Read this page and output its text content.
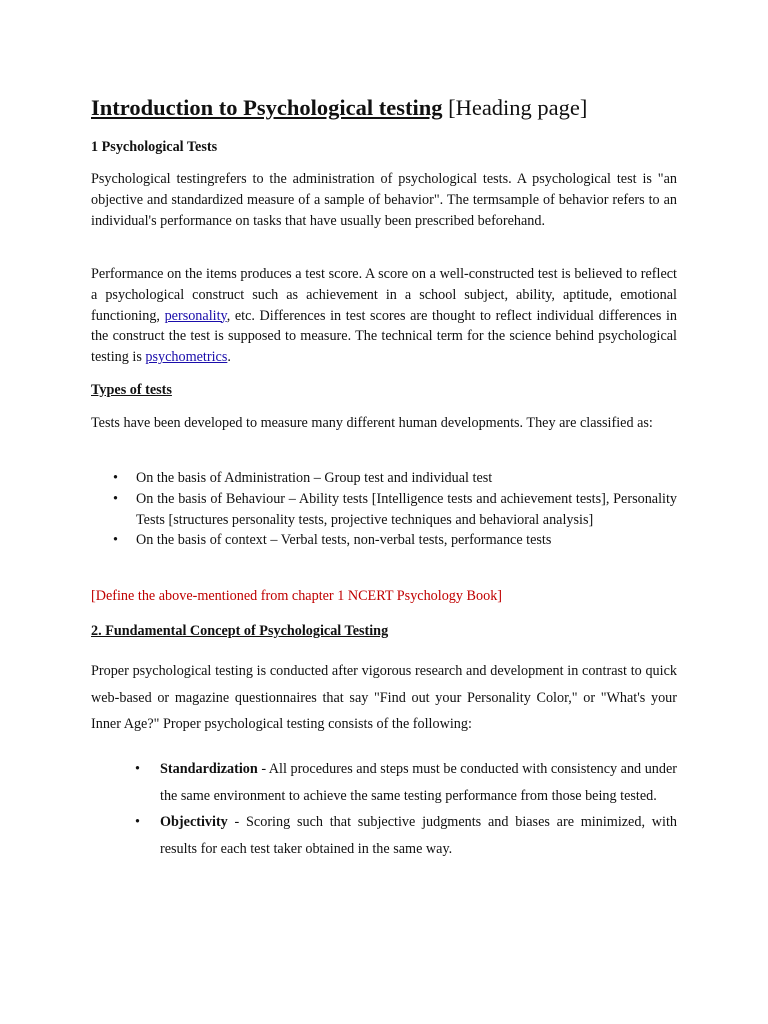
Introduction to Psychological testing [Heading page]
1 Psychological Tests

Psychological testingrefers to the administration of psychological tests. A psychological test is "an objective and standardized measure of a sample of behavior". The termsample of behavior refers to an individual's performance on tasks that have usually been prescribed beforehand.

Performance on the items produces a test score. A score on a well-constructed test is believed to reflect a psychological construct such as achievement in a school subject, ability, aptitude, emotional functioning, personality, etc. Differences in test scores are thought to reflect individual differences in the construct the test is supposed to measure. The technical term for the science behind psychological testing is psychometrics.

Types of tests

Tests have been developed to measure many different human developments. They are classified as:

• On the basis of Administration – Group test and individual test
• On the basis of Behaviour – Ability tests [Intelligence tests and achievement tests], Personality Tests [structures personality tests, projective techniques and behavioral analysis]
• On the basis of context – Verbal tests, non-verbal tests, performance tests
[Define the above-mentioned from chapter 1 NCERT Psychology Book]
2. Fundamental Concept of Psychological Testing

Proper psychological testing is conducted after vigorous research and development in contrast to quick web-based or magazine questionnaires that say "Find out your Personality Color," or "What's your Inner Age?" Proper psychological testing consists of the following:

• Standardization - All procedures and steps must be conducted with consistency and under the same environment to achieve the same testing performance from those being tested.
• Objectivity - Scoring such that subjective judgments and biases are minimized, with results for each test taker obtained in the same way.
